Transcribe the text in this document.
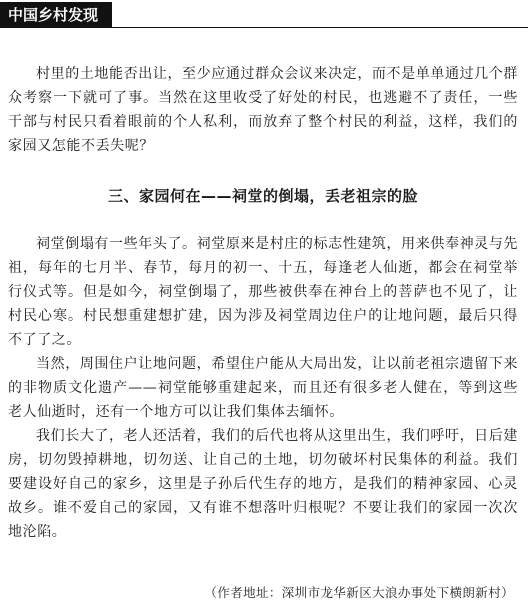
中国乡村发现

村里的土地能否出让，至少应通过群众会议来决定，而不是单单通过几个群众考察一下就可了事。当然在这里收受了好处的村民，也逃避不了责任，一些干部与村民只看着眼前的个人私利，而放弃了整个村民的利益，这样，我们的家园又怎能不丢失呢？

三、家园何在——祠堂的倒塌，丢老祖宗的脸

祠堂倒塌有一些年头了。祠堂原来是村庄的标志性建筑，用来供奉神灵与先祖，每年的七月半、春节，每月的初一、十五，每逢老人仙逝，都会在祠堂举行仪式等。但是如今，祠堂倒塌了，那些被供奉在神台上的菩萨也不见了，让村民心寒。村民想重建想扩建，因为涉及祠堂周边住户的让地问题，最后只得不了了之。

当然，周围住户让地问题，希望住户能从大局出发，让以前老祖宗遗留下来的非物质文化遗产——祠堂能够重建起来，而且还有很多老人健在，等到这些老人仙逝时，还有一个地方可以让我们集体去缅怀。

我们长大了，老人还活着，我们的后代也将从这里出生，我们呼吁，日后建房，切勿毁掉耕地，切勿送、让自己的土地，切勿破坏村民集体的利益。我们要建设好自己的家乡，这里是子孙后代生存的地方，是我们的精神家园、心灵故乡。谁不爱自己的家园，又有谁不想落叶归根呢？不要让我们的家园一次次地沦陷。

（作者地址：深圳市龙华新区大浪办事处下横朗新村）
